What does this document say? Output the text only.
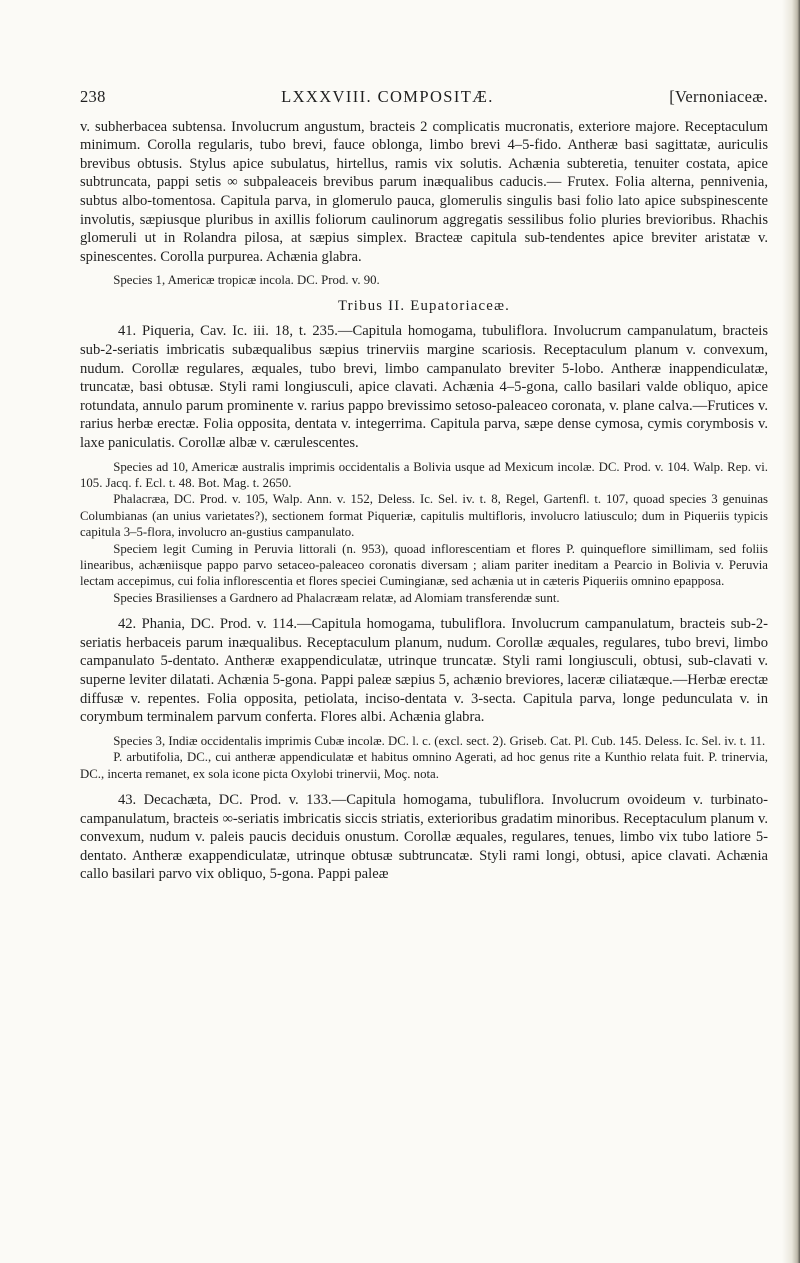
238	LXXXVIII. COMPOSITÆ.	[Vernoniaceæ.

v. subherbacea subtensa. Involucrum angustum, bracteis 2 complicatis mucronatis, exteriore majore. Receptaculum minimum. Corolla regularis, tubo brevi, fauce oblonga, limbo brevi 4–5-fido. Antheræ basi sagittatæ, auriculis brevibus obtusis. Stylus apice subulatus, hirtellus, ramis vix solutis. Achænia subteretia, tenuiter costata, apice subtruncata, pappi setis ∞ subpaleaceis brevibus parum inæqualibus caducis.— Frutex. Folia alterna, pennivenia, subtus albo-tomentosa. Capitula parva, in glomerulo pauca, glomerulis singulis basi folio lato apice subspinescente involutis, sæpiusque pluribus in axillis foliorum caulinorum aggregatis sessilibus folio pluries brevioribus. Rhachis glomeruli ut in Rolandra pilosa, at sæpius simplex. Bracteæ capitula sub-tendentes apice breviter aristatæ v. spinescentes. Corolla purpurea. Achænia glabra.

Species 1, Americæ tropicæ incola. DC. Prod. v. 90.

Tribus II. Eupatoriaceæ.

41. Piqueria, Cav. Ic. iii. 18, t. 235.—Capitula homogama, tubuliflora. Involucrum campanulatum, bracteis sub-2-seriatis imbricatis subæqualibus sæpius trinerviis margine scariosis. Receptaculum planum v. convexum, nudum. Corollæ regulares, æquales, tubo brevi, limbo campanulato breviter 5-lobo. Antheræ inappendiculatæ, truncatæ, basi obtusæ. Styli rami longiusculi, apice clavati. Achænia 4–5-gona, callo basilari valde obliquo, apice rotundata, annulo parum prominente v. rarius pappo brevissimo setoso-paleaceo coronata, v. plane calva.—Frutices v. rarius herbæ erectæ. Folia opposita, dentata v. integerrima. Capitula parva, sæpe dense cymosa, cymis corymbosis v. laxe paniculatis. Corollæ albæ v. cærulescentes.

Species ad 10, Americæ australis imprimis occidentalis a Bolivia usque ad Mexicum incolæ. DC. Prod. v. 104. Walp. Rep. vi. 105. Jacq. f. Ecl. t. 48. Bot. Mag. t. 2650.

Phalacræa, DC. Prod. v. 105, Walp. Ann. v. 152, Deless. Ic. Sel. iv. t. 8, Regel, Gartenfl. t. 107, quoad species 3 genuinas Columbianas (an unius varietates?), sectionem format Piqueriæ, capitulis multifloris, involucro latiusculo; dum in Piqueriis typicis capitula 3–5-flora, involucro an-gustius campanulato.

Speciem legit Cuming in Peruvia littorali (n. 953), quoad inflorescentiam et flores P. quinqueflore simillimam, sed foliis linearibus, achæniisque pappo parvo setaceo-paleaceo coronatis diversam ; aliam pariter ineditam a Pearcio in Bolivia v. Peruvia lectam accepimus, cui folia inflorescentia et flores speciei Cumingianæ, sed achænia ut in cæteris Piqueriis omnino epapposa.

Species Brasilienses a Gardnero ad Phalacræam relatæ, ad Alomiam transferendæ sunt.

42. Phania, DC. Prod. v. 114.—Capitula homogama, tubuliflora. Involucrum campanulatum, bracteis sub-2-seriatis herbaceis parum inæqualibus. Receptaculum planum, nudum. Corollæ æquales, regulares, tubo brevi, limbo campanulato 5-dentato. Antheræ exappendiculatæ, utrinque truncatæ. Styli rami longiusculi, obtusi, sub-clavati v. superne leviter dilatati. Achænia 5-gona. Pappi paleæ sæpius 5, achænio breviores, laceræ ciliatæque.—Herbæ erectæ diffusæ v. repentes. Folia opposita, petiolata, inciso-dentata v. 3-secta. Capitula parva, longe pedunculata v. in corymbum terminalem parvum conferta. Flores albi. Achænia glabra.

Species 3, Indiæ occidentalis imprimis Cubæ incolæ. DC. l. c. (excl. sect. 2). Griseb. Cat. Pl. Cub. 145. Deless. Ic. Sel. iv. t. 11.

P. arbutifolia, DC., cui antheræ appendiculatæ et habitus omnino Agerati, ad hoc genus rite a Kunthio relata fuit. P. trinervia, DC., incerta remanet, ex sola icone picta Oxylobi trinervii, Moç. nota.

43. Decachæta, DC. Prod. v. 133.—Capitula homogama, tubuliflora. Involucrum ovoideum v. turbinato-campanulatum, bracteis ∞-seriatis imbricatis siccis striatis, exterioribus gradatim minoribus. Receptaculum planum v. convexum, nudum v. paleis paucis deciduis onustum. Corollæ æquales, regulares, tenues, limbo vix tubo latiore 5-dentato. Antheræ exappendiculatæ, utrinque obtusæ subtruncatæ. Styli rami longi, obtusi, apice clavati. Achænia callo basilari parvo vix obliquo, 5-gona. Pappi paleæ
